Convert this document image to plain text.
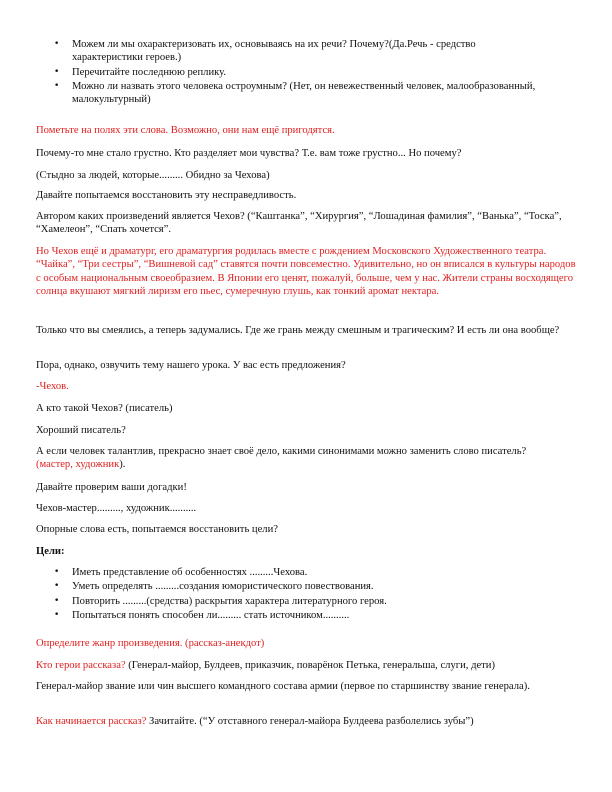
• Можем ли мы охарактеризовать их, основываясь на их речи? Почему?(Да.Речь - средство характеристики героев.)
• Перечитайте последнюю реплику.
• Можно ли назвать этого человека остроумным? (Нет, он невежественный человек, малообразованный, малокультурный)

Пометьте на полях эти слова. Возможно, они нам ещё пригодятся.

Почему-то мне стало грустно. Кто разделяет мои чувства? Т.е. вам тоже грустно... Но почему?

(Стыдно за людей, которые......... Обидно за Чехова)

Давайте попытаемся восстановить эту несправедливость.

Автором каких произведений является Чехов? (“Каштанка”, “Хирургия”, “Лошадиная фамилия”, “Ванька”, “Тоска”, “Хамелеон”, “Спать хочется”.

Но Чехов ещё и драматург, его драматургия родилась вместе с рождением Московского Художественного театра. “Чайка”, “Три сестры”, “Вишневой сад” ставятся почти повсеместно. Удивительно, но он вписался в культуры народов с особым национальным своеобразием. В Японии его ценят, пожалуй, больше, чем у нас. Жители страны восходящего солнца вкушают мягкий лиризм его пьес, сумеречную глушь, как тонкий аромат нектара.

Только что вы смеялись, а теперь задумались. Где же грань между смешным и трагическим? И есть ли она вообще?

Пора, однако, озвучить тему нашего урока. У вас есть предложения?

-Чехов.

А кто такой Чехов? (писатель)

Хороший писатель?

А если человек талантлив, прекрасно знает своё дело, какими синонимами можно заменить слово писатель? (мастер, художник).

Давайте проверим ваши догадки!

Чехов-мастер........., художник..........

Опорные слова есть, попытаемся восстановить цели?

Цели:

• Иметь представление об особенностях .........Чехова.
• Уметь определять .........создания юмористического повествования.
• Повторить .........(средства) раскрытия характера литературного героя.
• Попытаться понять способен ли......... стать источником..........

Определите жанр произведения. (рассказ-анекдот)

Кто герои рассказа? (Генерал-майор, Булдеев, приказчик, поварёнок Петька, генеральша, слуги, дети)

Генерал-майор звание или чин высшего командного состава армии (первое по старшинству звание генерала).

Как начинается рассказ? Зачитайте. (“У отставного генерал-майора Булдеева разболелись зубы”)
